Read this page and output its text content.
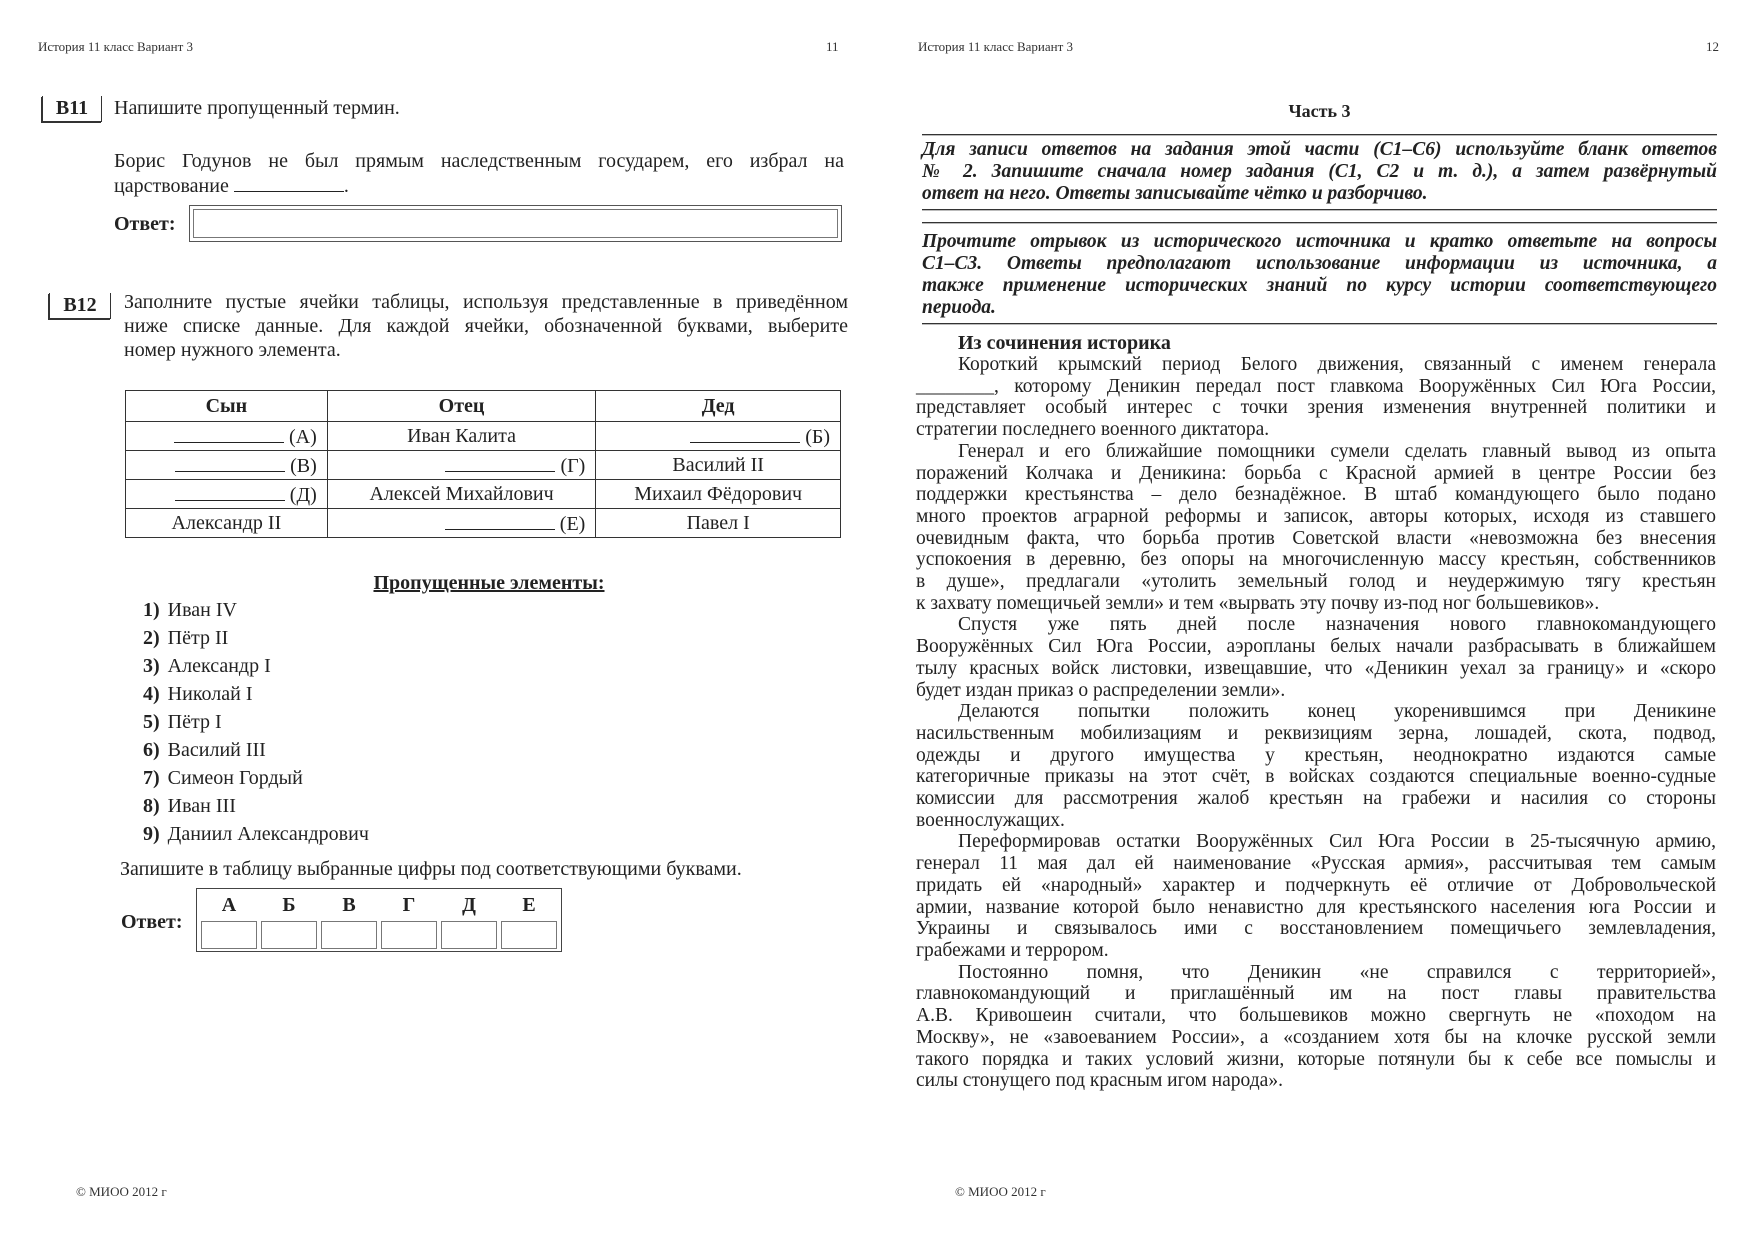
История 11 класс Вариант 3	11
B11	Напишите пропущенный термин.
Борис Годунов не был прямым наследственным государем, его избрал на
царствование	.
Ответ:
B12	Заполните пустые ячейки таблицы, используя представленные в приведённом
ниже списке данные. Для каждой ячейки, обозначенной буквами, выберите
номер нужного элемента.
Сын	Отец	Дед
(А)	Иван Калита	(Б)
(В)	(Г)	Василий II
(Д)	Алексей Михайлович	Михаил Фёдорович
Александр II	(Е)	Павел I
Пропущенные элементы:
1) Иван IV
2) Пётр II
3) Александр I
4) Николай I
5) Пётр I
6) Василий III
7) Симеон Гордый
8) Иван III
9) Даниил Александрович
Запишите в таблицу выбранные цифры под соответствующими буквами.
Ответ:
А	Б	В	Г	Д	Е

© МИОО 2012 г
История 11 класс Вариант 3	12
Часть 3
Для записи ответов на задания этой части (C1–C6) используйте бланк ответов
№ 2. Запишите сначала номер задания (C1, C2 и т. д.), а затем развёрнутый
ответ на него. Ответы записывайте чётко и разборчиво.
Прочтите отрывок из исторического источника и кратко ответьте на вопросы
C1–C3. Ответы предполагают использование информации из источника, а
также применение исторических знаний по курсу истории соответствующего
периода.
Из сочинения историка
Короткий крымский период Белого движения, связанный с именем генерала
________, которому Деникин передал пост главкома Вооружённых Сил Юга России,
представляет особый интерес с точки зрения изменения внутренней политики и
стратегии последнего военного диктатора.
Генерал и его ближайшие помощники сумели сделать главный вывод из опыта
поражений Колчака и Деникина: борьба с Красной армией в центре России без
поддержки крестьянства – дело безнадёжное. В штаб командующего было подано
много проектов аграрной реформы и записок, авторы которых, исходя из ставшего
очевидным факта, что борьба против Советской власти «невозможна без внесения
успокоения в деревню, без опоры на многочисленную массу крестьян, собственников
в душе», предлагали «утолить земельный голод и неудержимую тягу крестьян
к захвату помещичьей земли» и тем «вырвать эту почву из-под ног большевиков».
Спустя уже пять дней после назначения нового главнокомандующего
Вооружённых Сил Юга России, аэропланы белых начали разбрасывать в ближайшем
тылу красных войск листовки, извещавшие, что «Деникин уехал за границу» и «скоро
будет издан приказ о распределении земли».
Делаются попытки положить конец укоренившимся при Деникине
насильственным мобилизациям и реквизициям зерна, лошадей, скота, подвод,
одежды и другого имущества у крестьян, неоднократно издаются самые
категоричные приказы на этот счёт, в войсках создаются специальные военно-судные
комиссии для рассмотрения жалоб крестьян на грабежи и насилия со стороны
военнослужащих.
Переформировав остатки Вооружённых Сил Юга России в 25-тысячную армию,
генерал 11 мая дал ей наименование «Русская армия», рассчитывая тем самым
придать ей «народный» характер и подчеркнуть её отличие от Добровольческой
армии, название которой было ненавистно для крестьянского населения юга России и
Украины и связывалось ими с восстановлением помещичьего землевладения,
грабежами и террором.
Постоянно помня, что Деникин «не справился с территорией»,
главнокомандующий и приглашённый им на пост главы правительства
А.В. Кривошеин считали, что большевиков можно свергнуть не «походом на
Москву», не «завоеванием России», а «созданием хотя бы на клочке русской земли
такого порядка и таких условий жизни, которые потянули бы к себе все помыслы и
силы стонущего под красным игом народа».
© МИОО 2012 г
